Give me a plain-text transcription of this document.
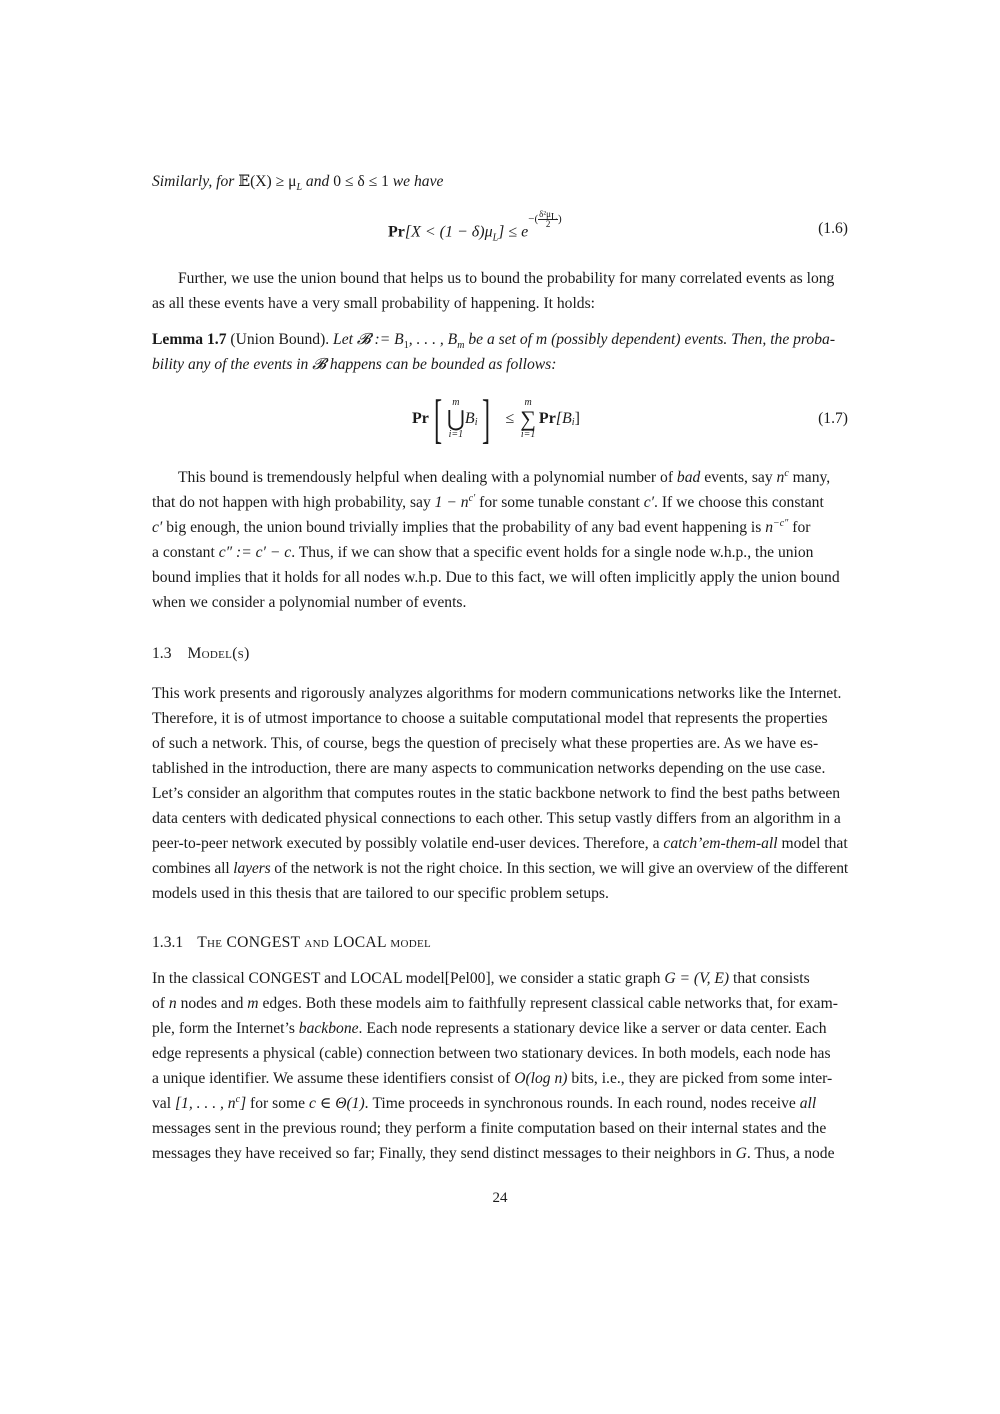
Similarly, for 𝔼(X) ≥ $\mu_L$ and 0 ≤ δ ≤ 1 we have
$Pr[X < (1 - \delta)\mu_L] \le e^{-( \frac{\delta^2\mu_L}{2} )}$
(1.6)
Further, we use the union bound that helps us to bound the probability for many correlated events as long
as all these events have a very small probability of happening. It holds:
Lemma 1.7 (Union Bound). Let 𝓑 := $B_1$, . . . , $B_m$ be a set of m (possibly dependent) events. Then, the proba-
bility any of the events in 𝓑 happens can be bounded as follows:
Pr[	m
⋃
i=1
$B_i$] ≤
m
∑
i=1
$Pr[B_i]$	(1.7)
This bound is tremendously helpful when dealing with a polynomial number of bad events, say $n^c$ many,
that do not happen with high probability, say $1 - n^{c'}$ for some tunable constant c′. If we choose this constant
c′ big enough, the union bound trivially implies that the probability of any bad event happening is $n^{-c''}$ for
a constant c″ := c′ − c. Thus, if we can show that a specific event holds for a single node w.h.p., the union
bound implies that it holds for all nodes w.h.p. Due to this fact, we will often implicitly apply the union bound
when we consider a polynomial number of events.
1.3 Model(s)
This work presents and rigorously analyzes algorithms for modern communications networks like the Internet.
Therefore, it is of utmost importance to choose a suitable computational model that represents the properties
of such a network. This, of course, begs the question of precisely what these properties are. As we have es-
tablished in the introduction, there are many aspects to communication networks depending on the use case.
Let’s consider an algorithm that computes routes in the static backbone network to find the best paths between
data centers with dedicated physical connections to each other. This setup vastly differs from an algorithm in a
peer-to-peer network executed by possibly volatile end-user devices. Therefore, a catch’em-them-all model that
combines all layers of the network is not the right choice. In this section, we will give an overview of the different
models used in this thesis that are tailored to our specific problem setups.
1.3.1 The CONGEST and LOCAL model
In the classical CONGEST and LOCAL model[Pel00], we consider a static graph G = (V, E) that consists
of n nodes and m edges. Both these models aim to faithfully represent classical cable networks that, for exam-
ple, form the Internet’s backbone. Each node represents a stationary device like a server or data center. Each
edge represents a physical (cable) connection between two stationary devices. In both models, each node has
a unique identifier. We assume these identifiers consist of O(log n) bits, i.e., they are picked from some inter-
val [1, . . . , $n^c$] for some c ∈ Θ(1). Time proceeds in synchronous rounds. In each round, nodes receive all
messages sent in the previous round; they perform a finite computation based on their internal states and the
messages they have received so far; Finally, they send distinct messages to their neighbors in G. Thus, a node
24
